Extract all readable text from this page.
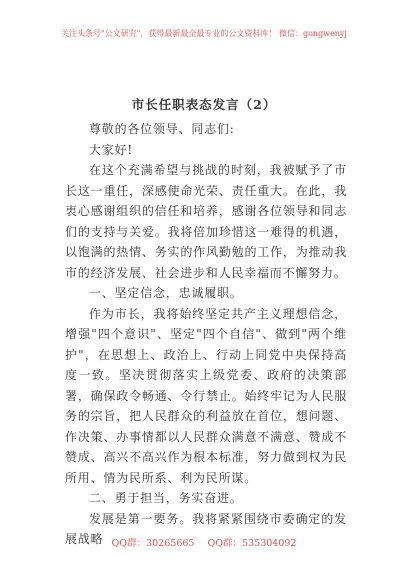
关注头条号"公文研究"，获得最新最全最专业的公文资料库！ 微信：gongwenyj
市长任职表态发言（2）

尊敬的各位领导、同志们:

大家好!

在这个充满希望与挑战的时刻，我被赋予了市长这一重任，深感使命光荣、责任重大。在此，我衷心感谢组织的信任和培养，感谢各位领导和同志们的支持与关爱。我将倍加珍惜这一难得的机遇，以饱满的热情、务实的作风勤勉的工作，为推动我市的经济发展、社会进步和人民幸福而不懈努力。

一、坚定信念，忠诚履职。

作为市长，我将始终坚定共产主义理想信念，增强"四个意识"、坚定"四个自信"、做到"两个维护"，在思想上、政治上、行动上同党中央保持高度一致。坚决贯彻落实上级党委、政府的决策部署，确保政令畅通、令行禁止。始终牢记为人民服务的宗旨，把人民群众的利益放在首位，想问题、作决策、办事情都以人民群众满意不满意、赞成不赞成、高兴不高兴作为根本标准，努力做到权为民所用、情为民所系、利为民所谋。

二、勇于担当，务实奋进。

发展是第一要务。我将紧紧围绕市委确定的发展战略 QQ群：30265665 QQ群：535304092
